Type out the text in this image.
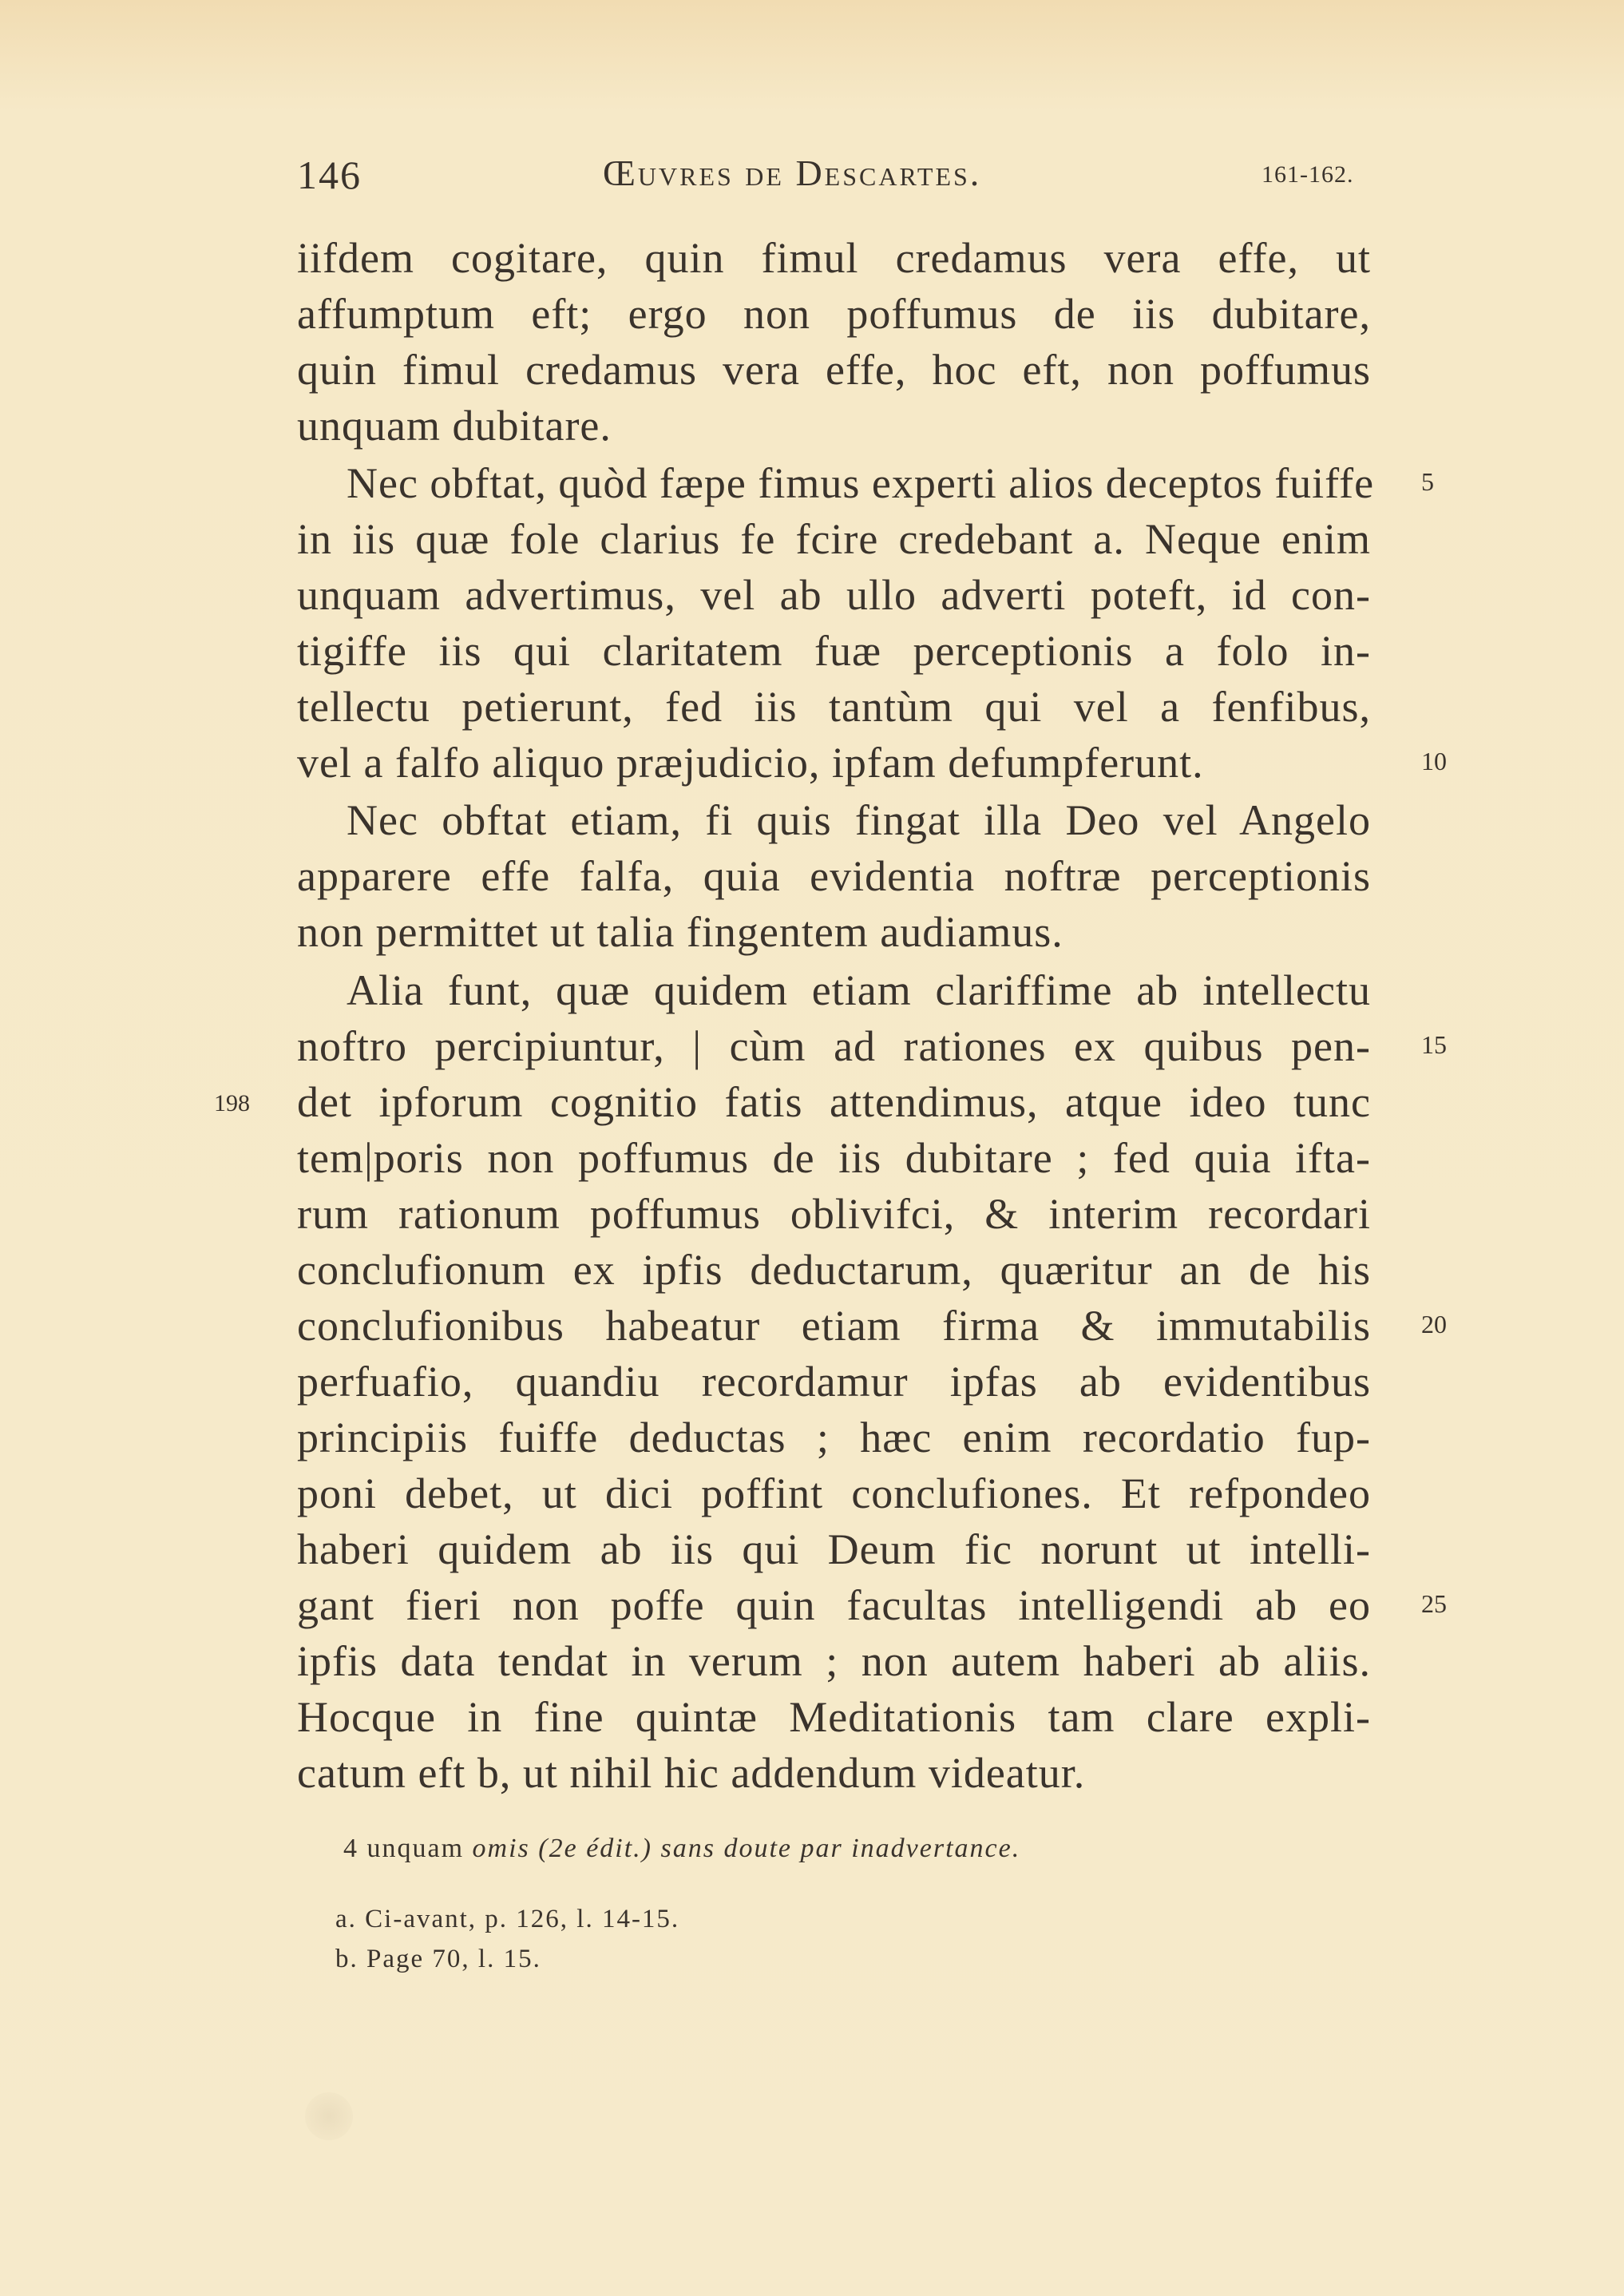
146	Œuvres de Descartes.	161-162.
iifdem cogitare, quin fimul credamus vera effe, ut
affumptum eft; ergo non poffumus de iis dubitare,
quin fimul credamus vera effe, hoc eft, non poffumus
unquam dubitare.
Nec obftat, quòd fæpe fimus experti alios deceptos fuiffe
in iis quæ fole clarius fe fcire credebant a. Neque enim
unquam advertimus, vel ab ullo adverti poteft, id con-
tigiffe iis qui claritatem fuæ perceptionis a folo in-
tellectu petierunt, fed iis tantùm qui vel a fenfibus,
vel a falfo aliquo præjudicio, ipfam defumpferunt.
Nec obftat etiam, fi quis fingat illa Deo vel Angelo
apparere effe falfa, quia evidentia noftræ perceptionis
non permittet ut talia fingentem audiamus.
Alia funt, quæ quidem etiam clariffime ab intellectu
noftro percipiuntur, | cùm ad rationes ex quibus pen-
det ipforum cognitio fatis attendimus, atque ideo tunc
tem|poris non poffumus de iis dubitare ; fed quia ifta-
rum rationum poffumus oblivifci, & interim recordari
conclufionum ex ipfis deductarum, quæritur an de his
conclufionibus habeatur etiam firma & immutabilis
perfuafio, quandiu recordamur ipfas ab evidentibus
principiis fuiffe deductas ; hæc enim recordatio fup-
poni debet, ut dici poffint conclufiones. Et refpondeo
haberi quidem ab iis qui Deum fic norunt ut intelli-
gant fieri non poffe quin facultas intelligendi ab eo
ipfis data tendat in verum ; non autem haberi ab aliis.
Hocque in fine quintæ Meditationis tam clare expli-
catum eft b, ut nihil hic addendum videatur.
5
10
15
20
25
198
4 unquam omis (2e édit.) sans doute par inadvertance.
a. Ci-avant, p. 126, l. 14-15.
b. Page 70, l. 15.
